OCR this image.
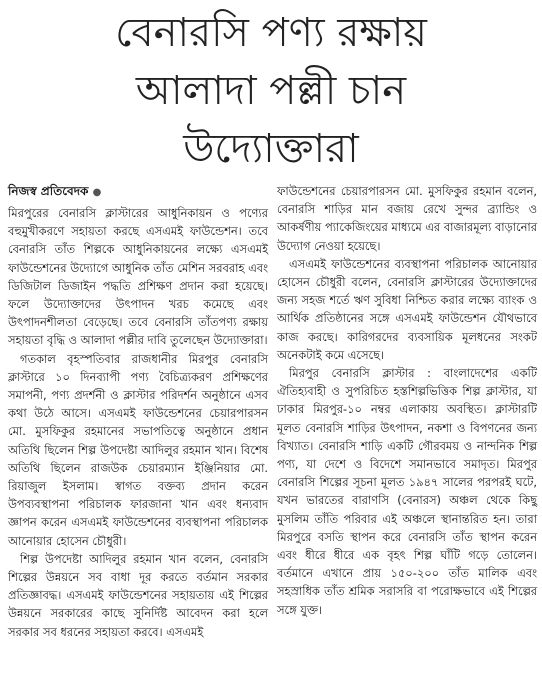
বেনারসি পণ্য রক্ষায়
আলাদা পল্লী চান
উদ্যোক্তারা
নিজস্ব প্রতিবেদক ●

মিরপুরের বেনারসি ক্লাস্টারের আধুনিকায়ন ও পণ্যের বহুমুখীকরণে সহায়তা করছে এসএমই ফাউন্ডেশন। তবে বেনারসি তাঁত শিল্পকে আধুনিকায়নের লক্ষ্যে এসএমই ফাউন্ডেশনের উদ্যোগে আধুনিক তাঁত মেশিন সরবরাহ এবং ডিজিটাল ডিজাইন পদ্ধতি প্রশিক্ষণ প্রদান করা হয়েছে। ফলে উদ্যোক্তাদের উৎপাদন খরচ কমেছে এবং উৎপাদনশীলতা বেড়েছে। তবে বেনারসি তাঁতপণ্য রক্ষায় সহায়তা বৃদ্ধি ও আলাদা পল্লীর দাবি তুলেছেন উদ্যোক্তারা।

গতকাল বৃহস্পতিবার রাজধানীর মিরপুর বেনারসি ক্লাস্টারে ১০ দিনব্যাপী পণ্য বৈচিত্র্যকরণ প্রশিক্ষণের সমাপনী, পণ্য প্রদর্শনী ও ক্লাস্টার পরিদর্শন অনুষ্ঠানে এসব কথা উঠে আসে। এসএমই ফাউন্ডেশনের চেয়ারপারসন মো. মুসফিকুর রহমানের সভাপতিত্বে অনুষ্ঠানে প্রধান অতিথি ছিলেন শিল্প উপদেষ্টা আদিলুর রহমান খান। বিশেষ অতিথি ছিলেন রাজউক চেয়ারম্যান ইঞ্জিনিয়ার মো. রিয়াজুল ইসলাম। স্বাগত বক্তব্য প্রদান করেন উপব্যবস্থাপনা পরিচালক ফারজানা খান এবং ধন্যবাদ জ্ঞাপন করেন এসএমই ফাউন্ডেশনের ব্যবস্থাপনা পরিচালক আনোয়ার হোসেন চৌধুরী।

শিল্প উপদেষ্টা আদিলুর রহমান খান বলেন, বেনারসি শিল্পের উন্নয়নে সব বাধা দূর করতে বর্তমান সরকার প্রতিজ্ঞাবদ্ধ। এসএমই ফাউন্ডেশনের সহায়তায় এই শিল্পের উন্নয়নে সরকারের কাছে সুনির্দিষ্ট আবেদন করা হলে সরকার সব ধরনের সহায়তা করবে। এসএমই

ফাউন্ডেশনের চেয়ারপারসন মো. মুসফিকুর রহমান বলেন, বেনারসি শাড়ির মান বজায় রেখে সুন্দর ব্র্যান্ডিং ও আকর্ষণীয় প্যাকেজিংয়ের মাধ্যমে এর বাজারমূল্য বাড়ানোর উদ্যোগ নেওয়া হয়েছে।

এসএমই ফাউন্ডেশনের ব্যবস্থাপনা পরিচালক আনোয়ার হোসেন চৌধুরী বলেন, বেনারসি ক্লাস্টারের উদ্যোক্তাদের জন্য সহজ শর্তে ঋণ সুবিধা নিশ্চিত করার লক্ষ্যে ব্যাংক ও আর্থিক প্রতিষ্ঠানের সঙ্গে এসএমই ফাউন্ডেশন যৌথভাবে কাজ করছে। কারিগরদের ব্যবসায়িক মূলধনের সংকট অনেকটাই কমে এসেছে।

মিরপুর বেনারসি ক্লাস্টার : বাংলাদেশের একটি ঐতিহ্যবাহী ও সুপরিচিত হস্তশিল্পভিত্তিক শিল্প ক্লাস্টার, যা ঢাকার মিরপুর-১০ নম্বর এলাকায় অবস্থিত। ক্লাস্টারটি মূলত বেনারসি শাড়ির উৎপাদন, নকশা ও বিপণনের জন্য বিখ্যাত। বেনারসি শাড়ি একটি গৌরবময় ও নান্দনিক শিল্প পণ্য, যা দেশে ও বিদেশে সমানভাবে সমাদৃত। মিরপুর বেনারসি শিল্পের সূচনা মূলত ১৯৪৭ সালের পরপরই ঘটে, যখন ভারতের বারাণসি (বেনারস) অঞ্চল থেকে কিছু মুসলিম তাঁতি পরিবার এই অঞ্চলে স্থানান্তরিত হন। তারা মিরপুরে বসতি স্থাপন করে বেনারসি তাঁত স্থাপন করেন এবং ধীরে ধীরে এক বৃহৎ শিল্প ঘাঁটি গড়ে তোলেন। বর্তমানে এখানে প্রায় ১৫০-২০০ তাঁত মালিক এবং সহস্রাধিক তাঁত শ্রমিক সরাসরি বা পরোক্ষভাবে এই শিল্পের সঙ্গে যুক্ত।
